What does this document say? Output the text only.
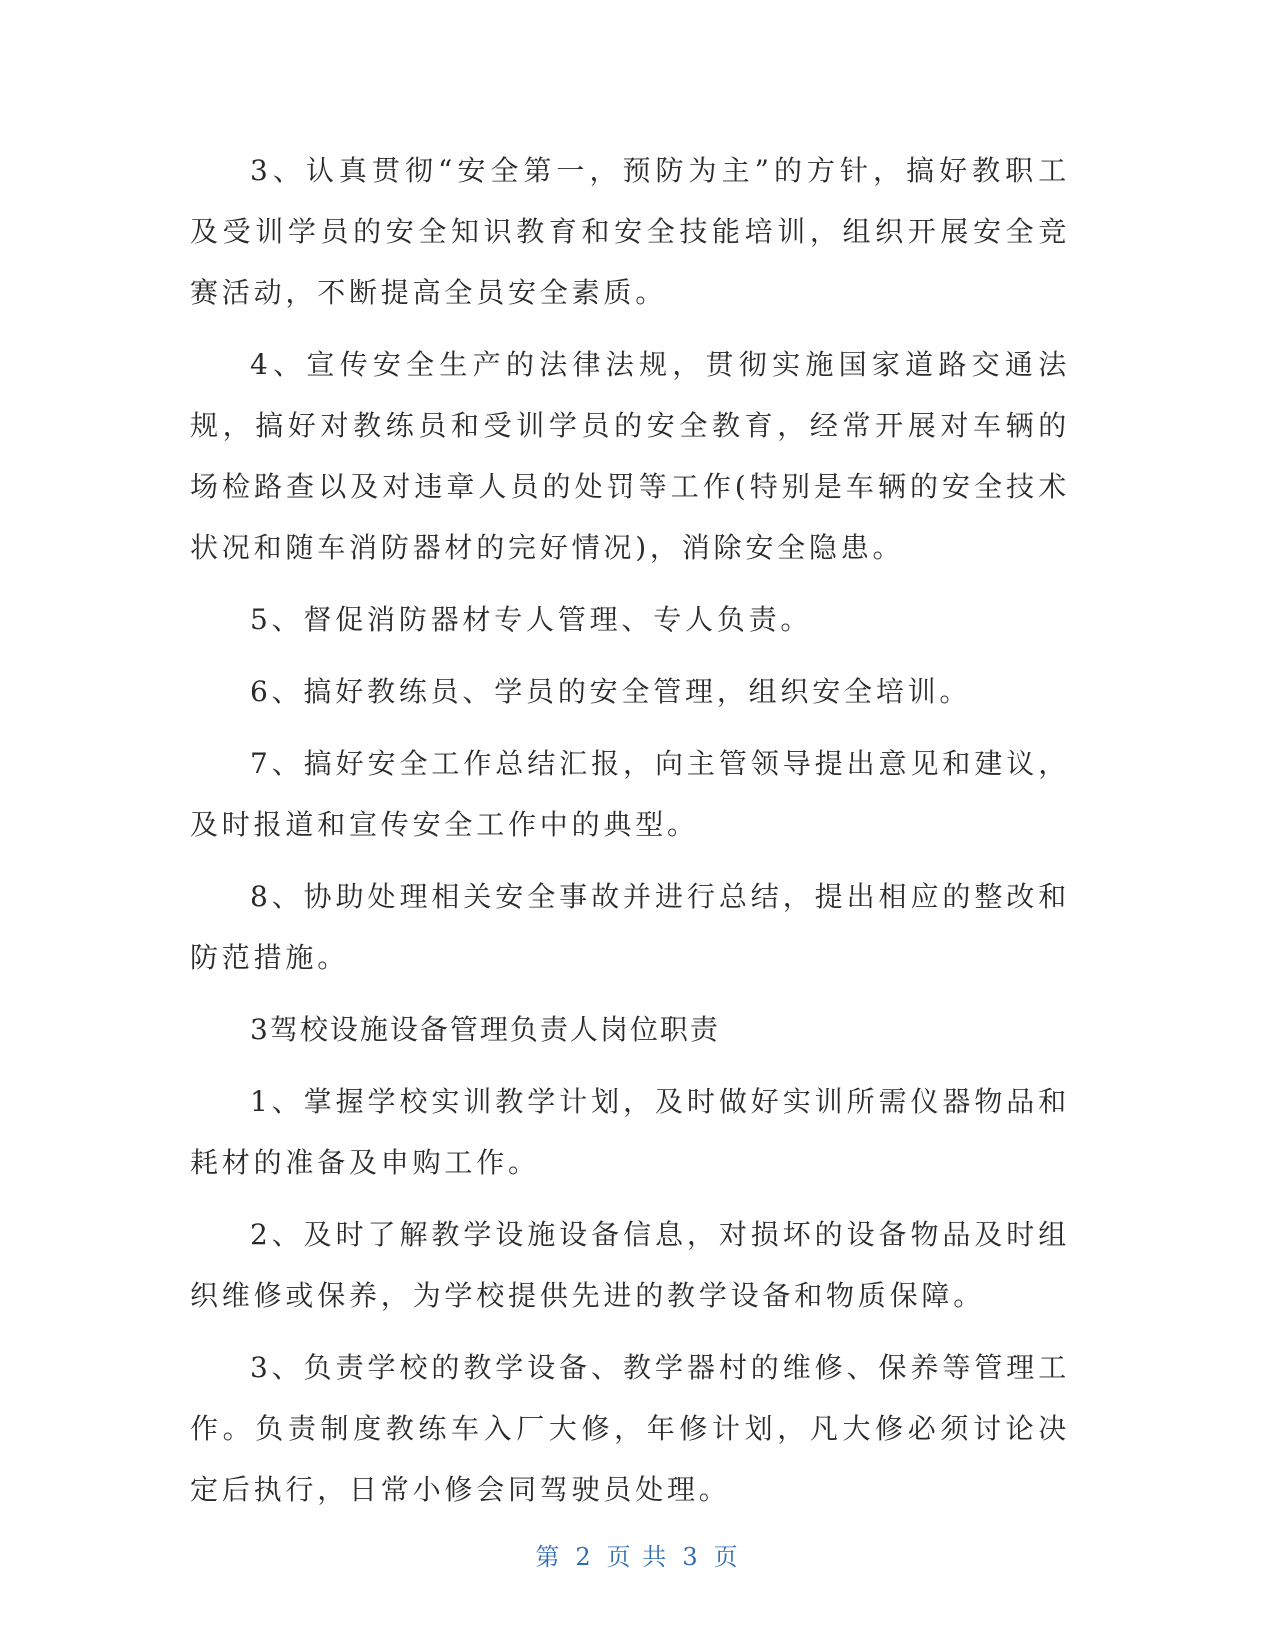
3、认真贯彻“安全第一，预防为主”的方针，搞好教职工及受训学员的安全知识教育和安全技能培训，组织开展安全竞赛活动，不断提高全员安全素质。

4、宣传安全生产的法律法规，贯彻实施国家道路交通法规，搞好对教练员和受训学员的安全教育，经常开展对车辆的场检路查以及对违章人员的处罚等工作(特别是车辆的安全技术状况和随车消防器材的完好情况)，消除安全隐患。

5、督促消防器材专人管理、专人负责。

6、搞好教练员、学员的安全管理，组织安全培训。

7、搞好安全工作总结汇报，向主管领导提出意见和建议，及时报道和宣传安全工作中的典型。

8、协助处理相关安全事故并进行总结，提出相应的整改和防范措施。

3驾校设施设备管理负责人岗位职责

1、掌握学校实训教学计划，及时做好实训所需仪器物品和耗材的准备及申购工作。

2、及时了解教学设施设备信息，对损坏的设备物品及时组织维修或保养，为学校提供先进的教学设备和物质保障。

3、负责学校的教学设备、教学器村的维修、保养等管理工作。负责制度教练车入厂大修，年修计划，凡大修必须讨论决定后执行，日常小修会同驾驶员处理。

第 2 页 共 3 页
